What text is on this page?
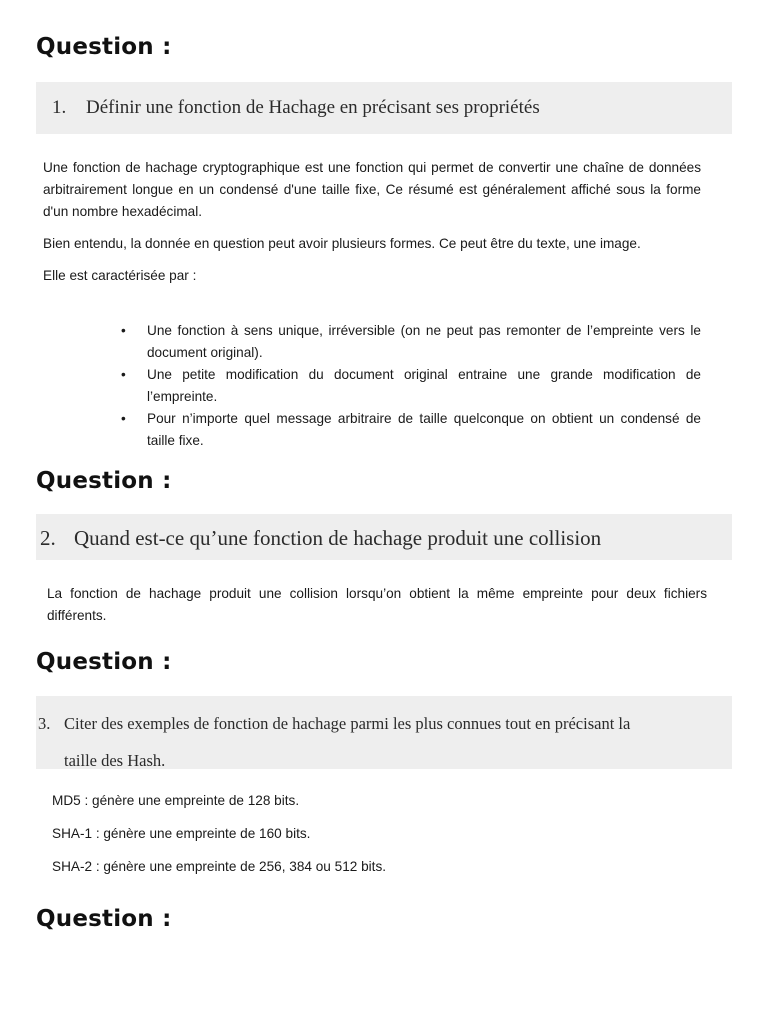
Question :
1. Définir une fonction de Hachage en précisant ses propriétés

Une fonction de hachage cryptographique est une fonction qui permet de convertir une chaîne de données arbitrairement longue en un condensé d'une taille fixe, Ce résumé est généralement affiché sous la forme d'un nombre hexadécimal.

Bien entendu, la donnée en question peut avoir plusieurs formes. Ce peut être du texte, une image.

Elle est caractérisée par :

• Une fonction à sens unique, irréversible (on ne peut pas remonter de l’empreinte vers le document original).
• Une petite modification du document original entraine une grande modification de l’empreinte.
• Pour n’importe quel message arbitraire de taille quelconque on obtient un condensé de taille fixe.
Question :
2. Quand est-ce qu’une fonction de hachage produit une collision

La fonction de hachage produit une collision lorsqu’on obtient la même empreinte pour deux fichiers différents.

Question :
3. Citer des exemples de fonction de hachage parmi les plus connues tout en précisant la
taille des Hash.
MD5 : génère une empreinte de 128 bits.
SHA-1 : génère une empreinte de 160 bits.
SHA-2 : génère une empreinte de 256, 384 ou 512 bits.
Question :
